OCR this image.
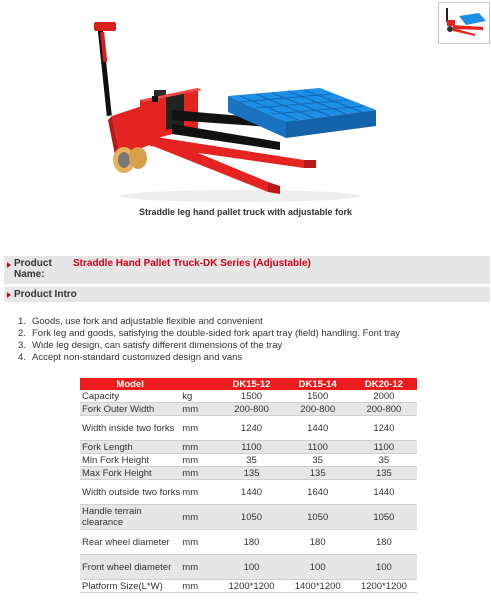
Straddle leg hand pallet truck with adjustable fork
Product Name:
Straddle Hand Pallet Truck-DK Series (Adjustable)
Product Intro
1. Goods, use fork and adjustable flexible and convenient
2. Fork leg and goods, satisfying the double-sided fork apart tray (field) handling. Font tray
3. Wide leg design, can satisfy different dimensions of the tray
4. Accept non-standard customized design and vans
Model		DK15-12	DK15-14	DK20-12
Capacity	kg	1500	1500	2000
Fork Outer Width	mm	200-800	200-800	200-800
Width inside two forks	mm	1240	1440	1240
Fork Length	mm	1100	1100	1100
Min Fork Height	mm	35	35	35
Max Fork Height	mm	135	135	135
Width outside two forks	mm	1440	1640	1440
Handle terrain clearance	mm	1050	1050	1050
Rear wheel diameter	mm	180	180	180
Front wheel diameter	mm	100	100	100
Platform Size(L*W)	mm	1200*1200	1400*1200	1200*1200
